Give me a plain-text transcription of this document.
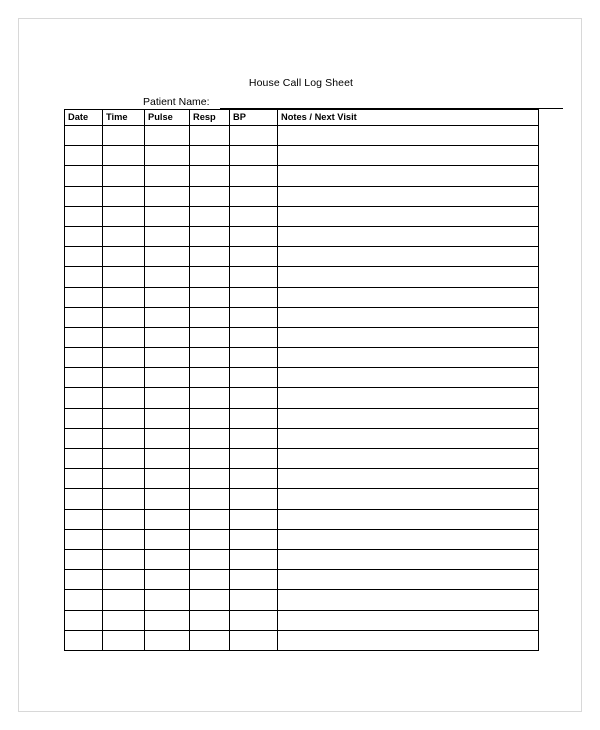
House Call Log Sheet
Patient Name:
Date	Time	Pulse	Resp	BP	Notes / Next Visit
